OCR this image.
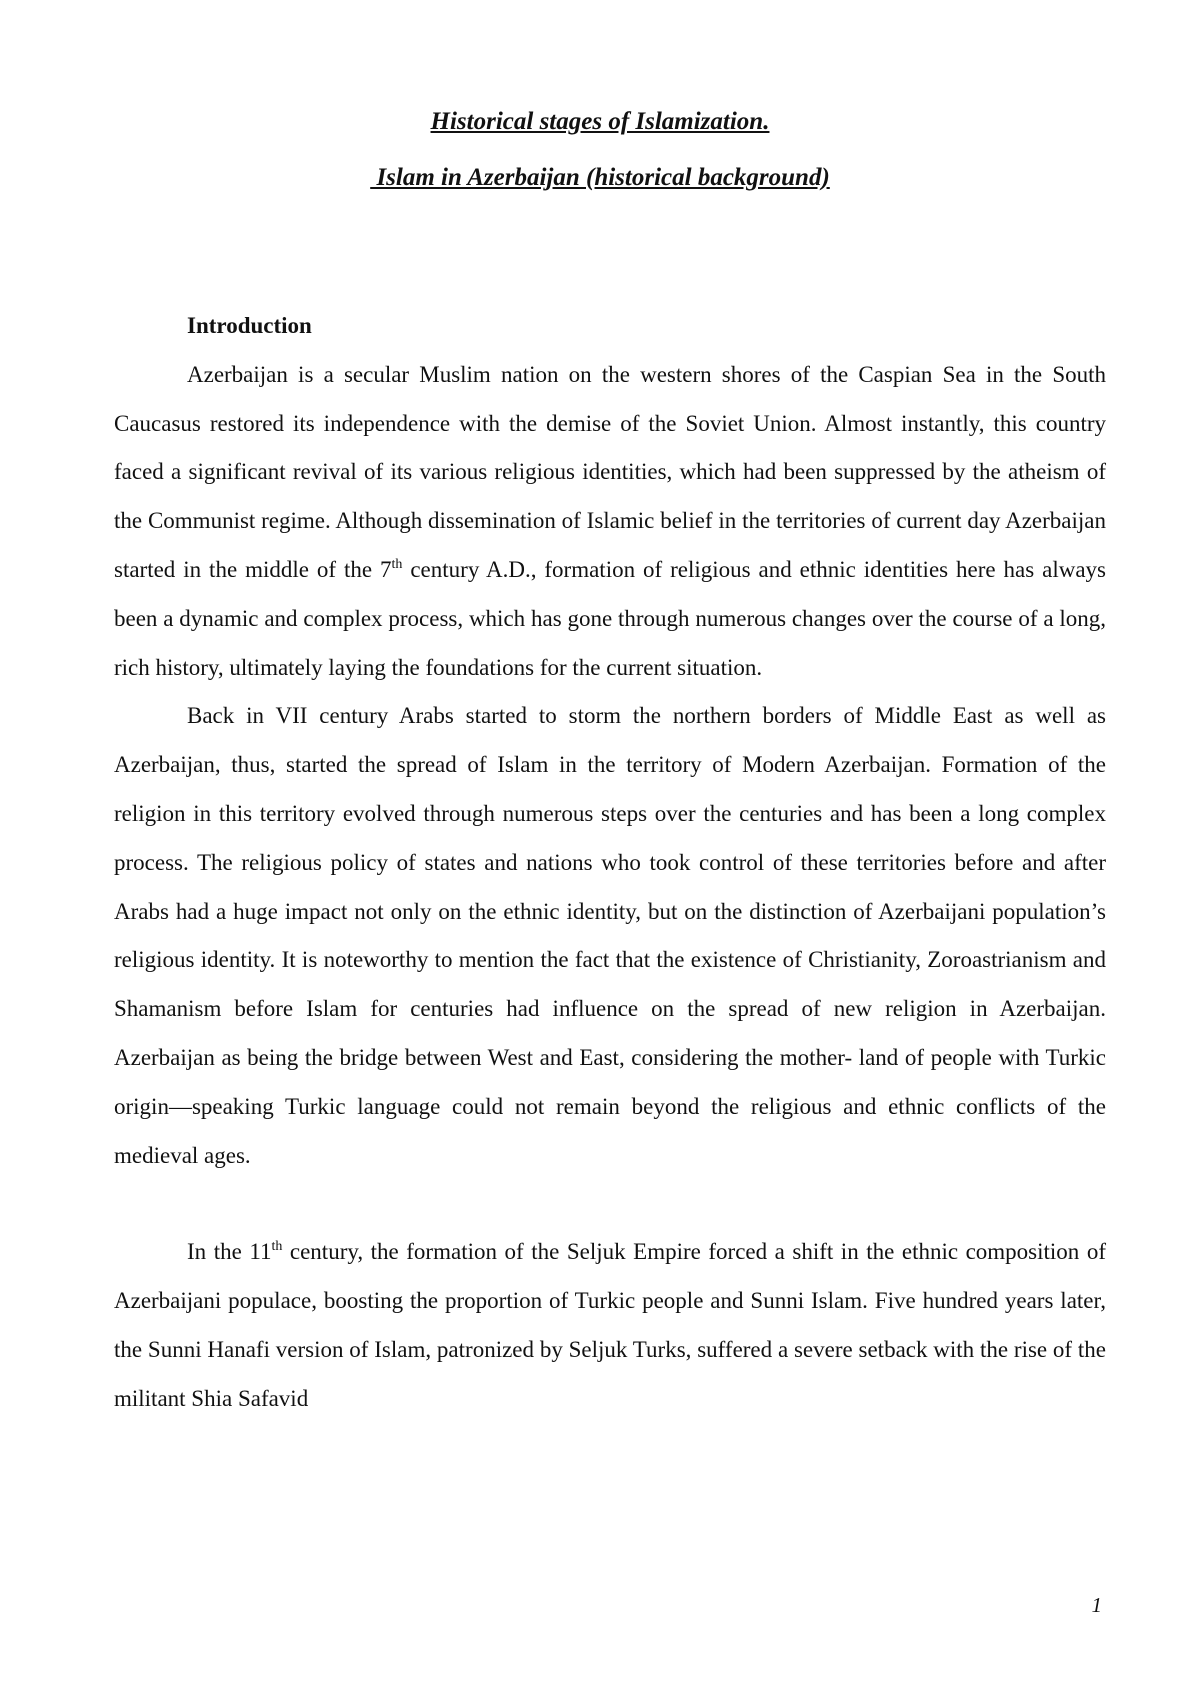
Historical stages of Islamization.
Islam in Azerbaijan (historical background)

Introduction

Azerbaijan is a secular Muslim nation on the western shores of the Caspian Sea in the South Caucasus restored its independence with the demise of the Soviet Union. Almost instantly, this country faced a significant revival of its various religious identities, which had been suppressed by the atheism of the Communist regime. Although dissemination of Islamic belief in the territories of current day Azerbaijan started in the middle of the 7th century A.D., formation of religious and ethnic identities here has always been a dynamic and complex process, which has gone through numerous changes over the course of a long, rich history, ultimately laying the foundations for the current situation.

Back in VII century Arabs started to storm the northern borders of Middle East as well as Azerbaijan, thus, started the spread of Islam in the territory of Modern Azerbaijan. Formation of the religion in this territory evolved through numerous steps over the centuries and has been a long complex process. The religious policy of states and nations who took control of these territories before and after Arabs had a huge impact not only on the ethnic identity, but on the distinction of Azerbaijani population’s religious identity. It is noteworthy to mention the fact that the existence of Christianity, Zoroastrianism and Shamanism before Islam for centuries had influence on the spread of new religion in Azerbaijan. Azerbaijan as being the bridge between West and East, considering the mother- land of people with Turkic origin—speaking Turkic language could not remain beyond the religious and ethnic conflicts of the medieval ages.

In the 11th century, the formation of the Seljuk Empire forced a shift in the ethnic composition of Azerbaijani populace, boosting the proportion of Turkic people and Sunni Islam. Five hundred years later, the Sunni Hanafi version of Islam, patronized by Seljuk Turks, suffered a severe setback with the rise of the militant Shia Safavid

1
